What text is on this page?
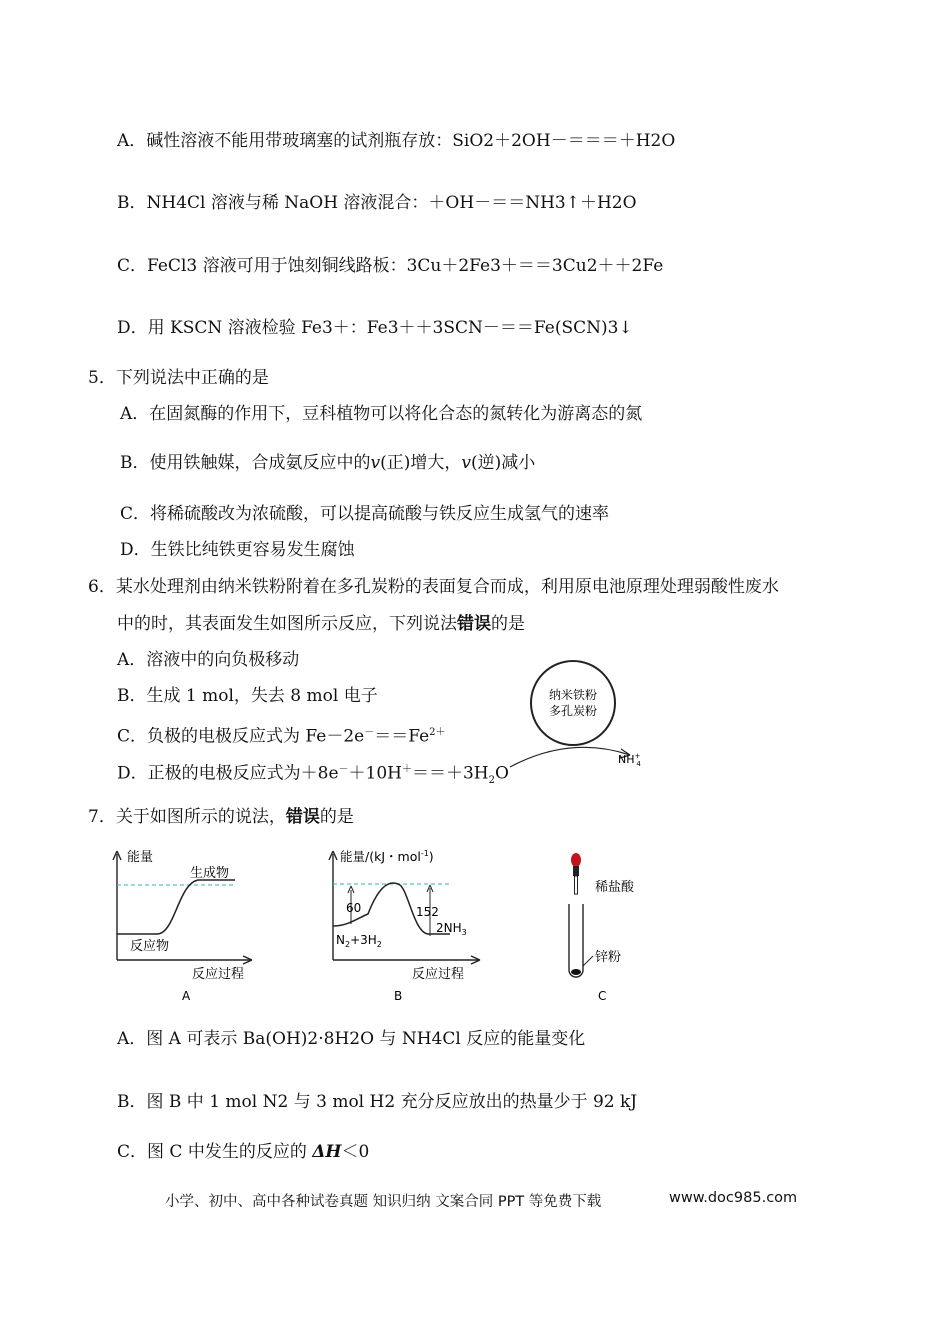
A．碱性溶液不能用带玻璃塞的试剂瓶存放：SiO2＋2OH－＝＝＝＋H2O
B．NH4Cl 溶液与稀 NaOH 溶液混合：＋OH－＝＝NH3↑＋H2O
C．FeCl3 溶液可用于蚀刻铜线路板：3Cu＋2Fe3＋＝＝3Cu2＋＋2Fe
D．用 KSCN 溶液检验 Fe3＋：Fe3＋＋3SCN－＝＝Fe(SCN)3↓
5．下列说法中正确的是
A．在固氮酶的作用下，豆科植物可以将化合态的氮转化为游离态的氮
B．使用铁触媒，合成氨反应中的v(正)增大，v(逆)减小
C．将稀硫酸改为浓硫酸，可以提高硫酸与铁反应生成氢气的速率
D．生铁比纯铁更容易发生腐蚀
6．某水处理剂由纳米铁粉附着在多孔炭粉的表面复合而成，利用原电池原理处理弱酸性废水
中的时，其表面发生如图所示反应，下列说法错误的是
A．溶液中的向负极移动
B．生成 1 mol，失去 8 mol 电子
C．负极的电极反应式为 $Fe-2e^-==Fe^{2+}$
D．正极的电极反应式为$+8e^-+10H^+==+3H_2O$
纳米铁粉
多孔炭粉
NH+ 4
7．关于如图所示的说法，错误的是
能量
生成物
反应物
反应过程
A
能量/(kJ・mol$^{-1}$)
60	152
$N_2+3H_2$
$2NH_3$
反应过程
B
稀盐酸
锌粉
C
A．图 A 可表示 Ba(OH)2·8H2O 与 NH4Cl 反应的能量变化
B．图 B 中 1 mol N2 与 3 mol H2 充分反应放出的热量少于 92 kJ
C．图 C 中发生的反应的 ΔH＜0
小学、初中、高中各种试卷真题 知识归纳 文案合同 PPT 等免费下载	www.doc985.com
